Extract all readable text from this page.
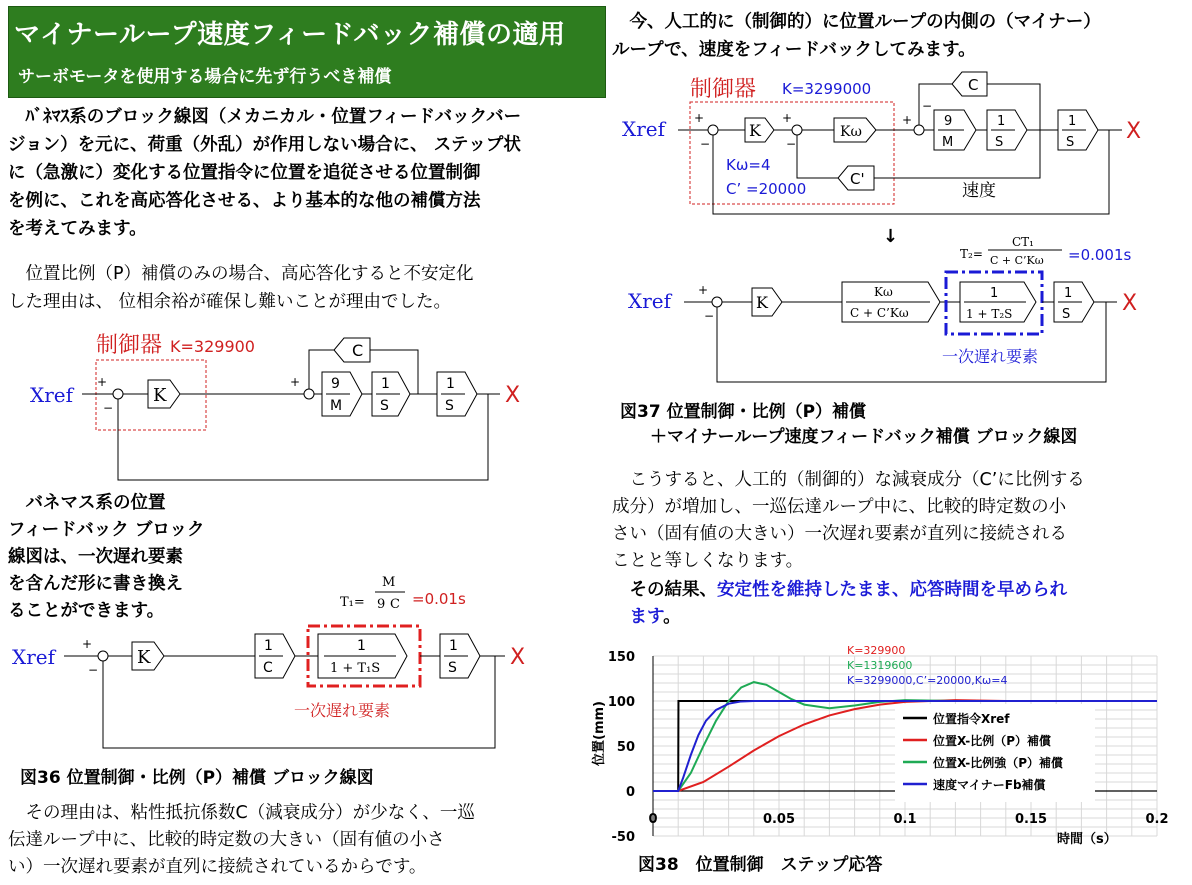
マイナーループ速度フィードバック補償の適用
サーボモータを使用する場合に先ず行うべき補償
　ﾊﾞﾈﾏｽ系のブロック線図（メカニカル・位置フィードバックバー
ジョン）を元に、荷重（外乱）が作用しない場合に、 ステップ状
に（急激に）変化する位置指令に位置を追従させる位置制御
を例に、これを高応答化させる、より基本的な他の補償方法
を考えてみます。
　位置比例（P）補償のみの場合、高応答化すると不安定化
した理由は、 位相余裕が確保し難いことが理由でした。
制御器 K=329900
Xref
+
−
K
+ 9
M
1
S
1
S X
C
　バネマス系の位置
フィードバック ブロック
線図は、一次遅れ要素
を含んだ形に書き換え
ることができます。	T₁=
M
9 C =0.01s
Xref
+
−
K
1
C
1
1 + T₁S
1
S X
一次遅れ要素
図36 位置制御・比例（P）補償 ブロック線図
　その理由は、粘性抵抗係数C（減衰成分）が少なく、一巡
伝達ループ中に、比較的時定数の大きい（固有値の小さ
い）一次遅れ要素が直列に接続されているからです。
　今、人工的に（制御的）に位置ループの内側の（マイナー）
ループで、速度をフィードバックしてみます。
制御器 K=3299000
Xref +
−
K
+
−
Kω
+
−
9
M
1
S
1
S X
C
C'
Kω=4
C’ =20000	速度
↓
T₂=
CT₁
C + C’Kω =0.001s
Xref +
−
K
Kω
C + C’Kω
1
1 + T₂S
1
S X
一次遅れ要素
図37 位置制御・比例（P）補償
＋マイナーループ速度フィードバック補償 ブロック線図
　こうすると、人工的（制御的）な減衰成分（C’に比例する
成分）が増加し、一巡伝達ループ中に、比較的時定数の小
さい（固有値の大きい）一次遅れ要素が直列に接続される
ことと等しくなります。
　その結果、安定性を維持したまま、応答時間を早められ
　ます。
150
100
50
0
-50
0	0.05	0.1	0.15	0.2
位置(mm)
時間（s）
位置指令Xref
位置X-比例（P）補償
位置X-比例強（P）補償
速度マイナーFb補償
K=329900
K=1319600
K=3299000,C’=20000,Kω=4
図38　位置制御　ステップ応答
